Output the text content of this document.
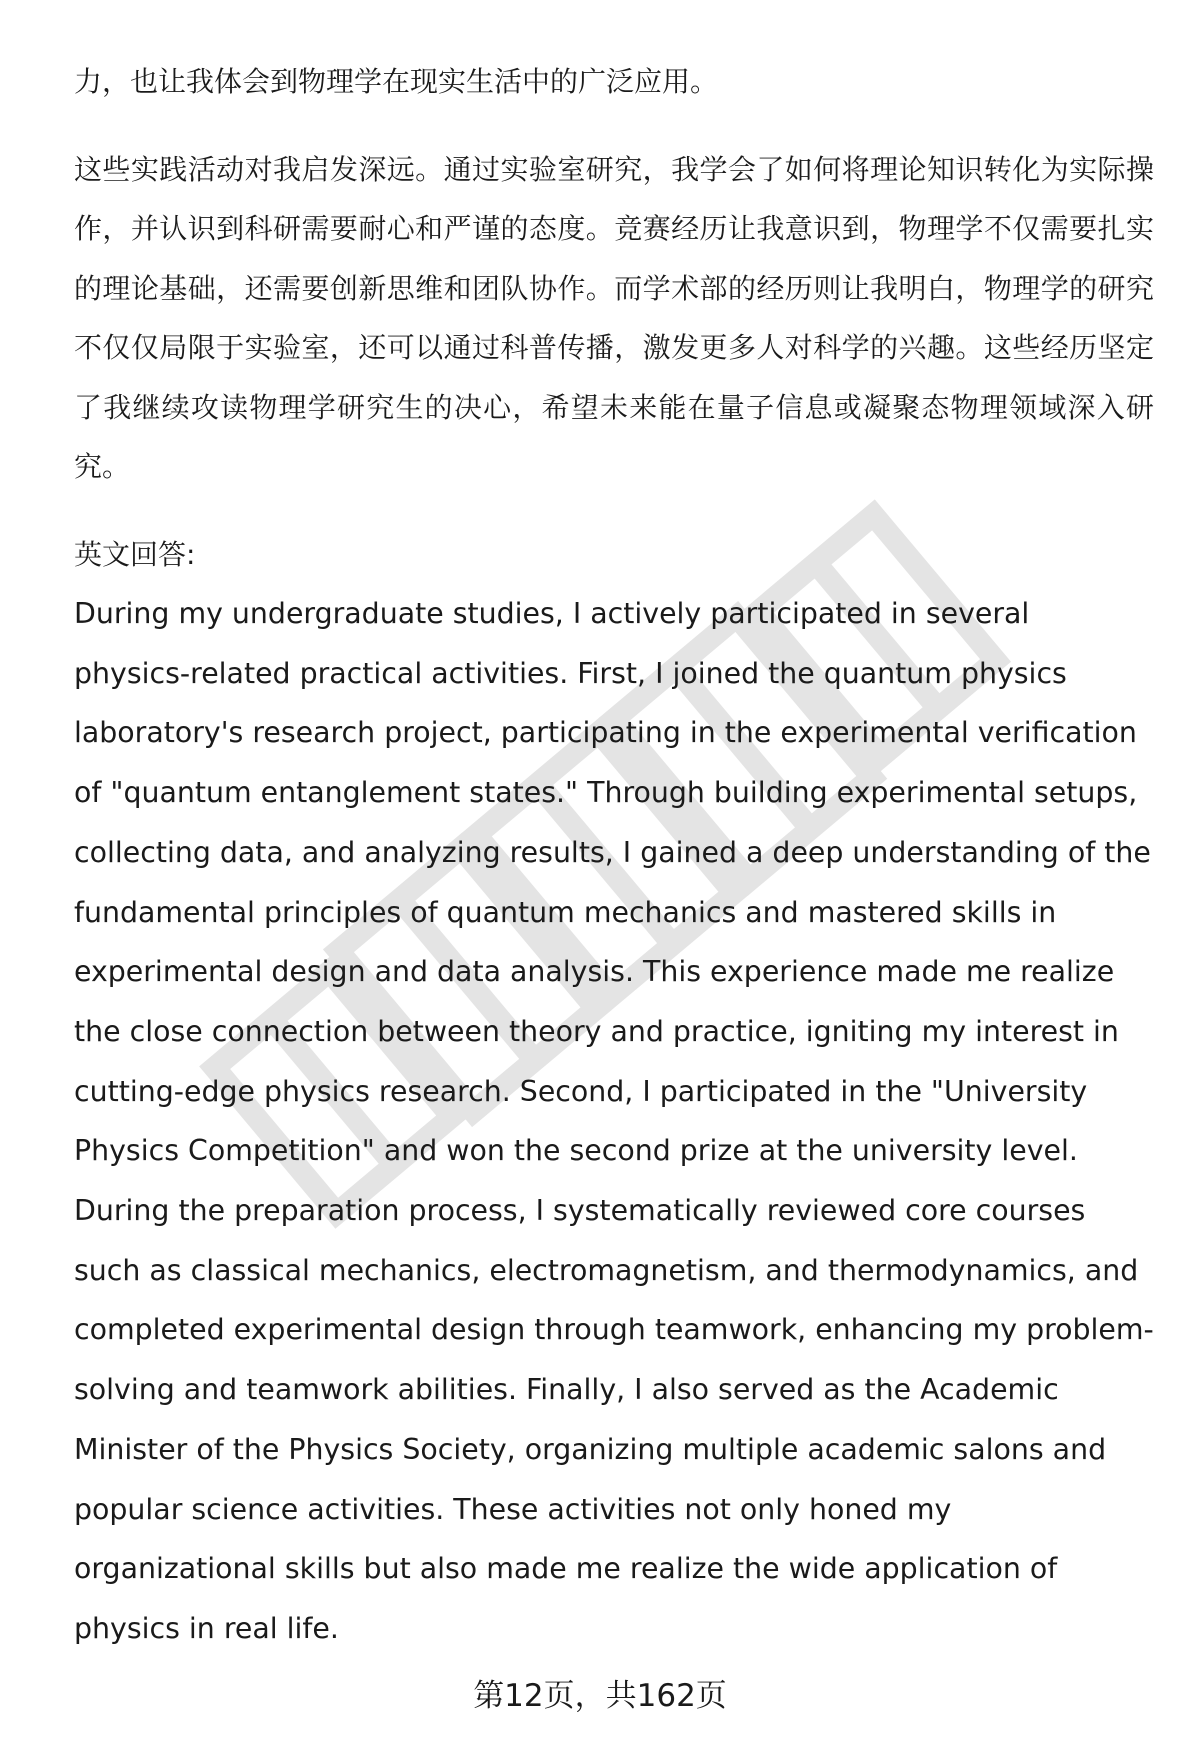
力，也让我体会到物理学在现实生活中的广泛应用。

这些实践活动对我启发深远。通过实验室研究，我学会了如何将理论知识转化为实际操作，并认识到科研需要耐心和严谨的态度。竞赛经历让我意识到，物理学不仅需要扎实的理论基础，还需要创新思维和团队协作。而学术部的经历则让我明白，物理学的研究不仅仅局限于实验室，还可以通过科普传播，激发更多人对科学的兴趣。这些经历坚定了我继续攻读物理学研究生的决心，希望未来能在量子信息或凝聚态物理领域深入研究。

英文回答:

During my undergraduate studies, I actively participated in several physics-related practical activities. First, I joined the quantum physics laboratory's research project, participating in the experimental verification of "quantum entanglement states." Through building experimental setups, collecting data, and analyzing results, I gained a deep understanding of the fundamental principles of quantum mechanics and mastered skills in experimental design and data analysis. This experience made me realize the close connection between theory and practice, igniting my interest in cutting-edge physics research. Second, I participated in the "University Physics Competition" and won the second prize at the university level. During the preparation process, I systematically reviewed core courses such as classical mechanics, electromagnetism, and thermodynamics, and completed experimental design through teamwork, enhancing my problem-solving and teamwork abilities. Finally, I also served as the Academic Minister of the Physics Society, organizing multiple academic salons and popular science activities. These activities not only honed my organizational skills but also made me realize the wide application of physics in real life.

第12页，共162页
